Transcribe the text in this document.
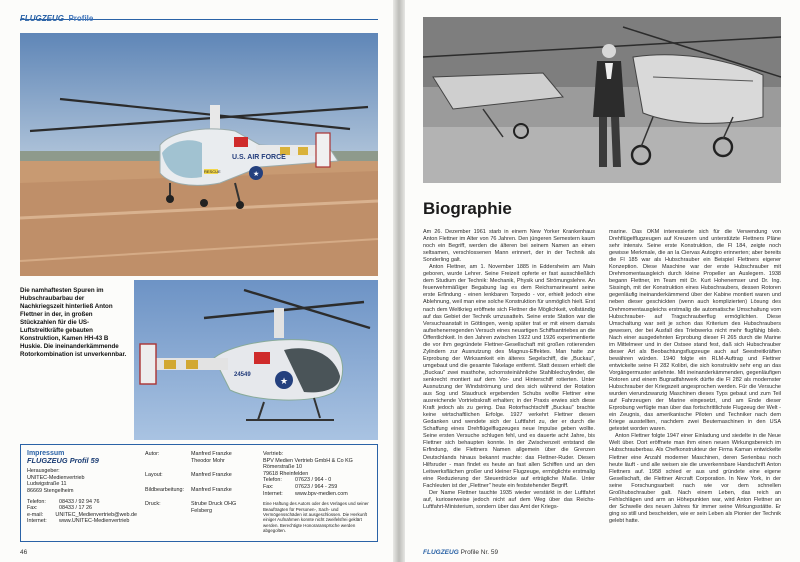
FLUGZEUG Profile
U.S. AIR FORCE
★
RESCUE
Die namhaftesten Spuren im Hubschraubarbau der Nachkriegszeit hinterließ Anton Flettner in der, in großen Stückzahlen für die US-Luftstreitkräfte gebauten Konstruktion, Kamen HH-43 B Huskie. Die ineinanderkämmende Rotorkombination ist unverkennbar.
★
24549
Impressum
FLUGZEUG Profil 59
Herausgeber:
UNITEC-Medienvertrieb
Ludwigstraße 11
86669 Stengelheim
Telefon:	08433 / 92 94 76
Fax:	08433 / 17 26
e-mail:	UNITEC_Medienvertrieb@web.de
Internet:	www.UNITEC-Medienvertrieb
Autor:	Manfred Franzke
Theodor Mohr
Layout:	Manfred Franzke
Bildbearbeitung:	Manfred Franzke
Druck:	Strube Druck OHG
Felsberg
Vertrieb:
BPV Medien Vertrieb GmbH & Co KG
Römerstraße 10
79618 Rheinfelden
Telefon:	07623 / 964 - 0
Fax:	07623 / 964 - 259
Internet:	www.bpv-medien.com
Eine Haftung des Autors oder des Verlages und seiner Beauftragten für Personen-, Sach- und Vermögensschäden ist ausgeschlossen. Die Herkunft einiger Aufnahmen konnte nicht zweifelsfrei geklärt werden. Berechtigte Honoraransprüche werden abgegolten.
46
Biographie

Am 26. Dezember 1961 starb in einem New Yorker Krankenhaus Anton Flettner im Alter von 76 Jahren. Den jüngeren Semestern kaum noch ein Begriff, werden die älteren bei seinem Namen an einen seltsamen, verschlossenen Mann erinnert, der in der Technik als Sonderling galt.

Anton Flettner, am 1. November 1885 in Eddersheim am Main geboren, wurde Lehrer. Seine Freizeit opferte er fast ausschließlich dem Studium der Technik: Mechanik, Physik und Strömungslehre. An feuerwehrmäßiger Begabung lag es dem Reichsmarineamt seine erste Erfindung - einen lenkbaren Torpedo - vor, erhielt jedoch eine Ablehnung, weil man eine solche Konstruktion für unmöglich hielt. Erst nach dem Weltkrieg eröffnete sich Flettner die Möglichkeit, vollständig auf das Gebiet der Technik umzusatteln. Seine erste Station war die Versuchsanstalt in Göttingen, wenig später trat er mit einem damals aufsehenerregenden Versuch eines neuartigen Schiffsantriebes an die Öffentlichkeit. In den Jahren zwischen 1922 und 1926 experimentierte die vor ihm gegründete Flettner-Gesellschaft mit großen rotierenden Zylindern zur Ausnutzung des Magnus-Effektes. Man hatte zur Erprobung der Wirksamkeit ein älteres Segelschiff, die „Buckau", umgebaut und die gesamte Takelage entfernt. Statt dessen erhielt die „Buckau" zwei masthohe, schornsteinähnliche Stahlblechzylinder, die senkrecht montiert auf dem Vor- und Hinterschiff rotierten. Unter Ausnutzung der Windströmung und des sich während der Rotation aus Sog und Staudruck ergebenden Schubs wollte Flettner eine ausreichende Vortriebskraft erhalten; in der Praxis erwies sich diese Kraft jedoch als zu gering. Das Rotorfrachtschiff „Buckau" brachte keine wirtschaftlichen Erfolge. 1927 verkehrt Flettner diesen Gedanken und wendete sich der Luftfahrt zu, der er durch die Schaffung eines Drehflügelflugzeuges neue Impulse geben wollte. Seine ersten Versuche schlugen fehl, und es dauerte acht Jahre, bis Flettner sich behaupten konnte. In der Zwischenzeit entstand die Erfindung, die Flettners Namen allgemein über die Grenzen Deutschlands hinaus bekannt machte: das Flettner-Ruder. Diesen Hilfsruder - man findet es heute an fast allen Schiffen und an den Leitwerksflächen großer und kleiner Flugzeuge, ermöglichte erstmalig eine Reduzierung der Steuerdrücke auf erträgliche Maße. Unter Fachleuten ist der „Flettner" heute ein feststehender Begriff.

Der Name Flettner tauchte 1935 wieder verstärkt in der Luftfahrt auf, kurioserweise jedoch nicht auf dem Weg über das Reichs-Luftfahrt-Ministerium, sondern über das Amt der Kriegs-

marine. Das OKM interessierte sich für die Verwendung von Drehflügelflugzeugen auf Kreuzern und unterstützte Flettners Pläne sehr intensiv. Seine erste Konstruktion, die Fl 184, zeigte noch gewisse Merkmale, die an la Ciervas Autogiro erinnerten; aber bereits die Fl 185 war als Hubschrauber ein Beispiel Flettners eigener Konzeption. Diese Maschine war der erste Hubschrauber mit Drehmomentausgleich durch kleine Propeller an Auslegern. 1938 begann Flettner, im Team mit Dr. Kurt Hohenemser und Dr. Ing. Sissingh, mit der Konstruktion eines Hubschraubers, dessen Rotoren gegenläufig ineinanderkämmend über der Kabine montiert waren und neben dieser geschickten (wenn auch komplizierten) Lösung des Drehmomentausgleichs erstmalig die automatische Umschaltung vom Hubschrauber- auf Tragschrauberflug ermöglichten. Diese Umschaltung war seit je schon das Kriterium des Hubschraubers gewesen, der bei Ausfall des Triebwerks nicht mehr flugfähig blieb. Nach einer ausgedehnten Erprobung dieser Fl 265 durch die Marine im Mittelmeer und in der Ostsee stand fest, daß sich Hubschrauber dieser Art als Beobachtungsflugzeuge auch auf Seestreitkräften bewähren würden. 1940 folgte ein RLM-Auftrag und Flettner entwickelte seine Fl 282 Kolibri, die sich konstruktiv sehr eng an das Vorgängermuster anlehnte. Mit ineinanderkämmenden, gegenläufigen Rotoren und einem Bugradfahrwerk dürfte die Fl 282 als modernster Hubschrauber der Kriegszeit angesprochen werden. Für die Versuche wurden vierundzwanzig Maschinen dieses Typs gebaut und zum Teil auf Fahrzeugen der Marine eingesetzt, und am Ende dieser Erprobung verfügte man über das fortschrittlichste Flugzeug der Welt - ein Zeugnis, das amerikanische Piloten und Techniker nach dem Kriege ausstellten, nachdem zwei Beutemaschinen in den USA getestet worden waren.

Anton Flettner folgte 1947 einer Einladung und siedelte in die Neue Welt über. Dort eröffnete man ihm einen neuen Wirkungsbereich im Hubschrauberbau. Als Chefkonstrukteur der Firma Kaman entwickelte Flettner eine Anzahl moderner Maschinen, deren Serienbau noch heute läuft - und alle weisen sie die unverkennbare Handschrift Anton Flettners auf. 1958 schied er aus und gründete eine eigene Gesellschaft, die Flettner Aircraft Corporation. In New York, in der seine Forschungsarbeit nach wie vor dem schnellen Großhubschrauber galt. Nach einem Leben, das reich an Fehlschlägen und arm an Höhepunkten war, wird Anton Flettner an der Schwelle des neuen Jahres für immer seine Wirkungsstätte. Er ging so still und bescheiden, wie er sein Leben als Pionier der Technik gelebt hatte.

FLUGZEUG Profile Nr. 59
